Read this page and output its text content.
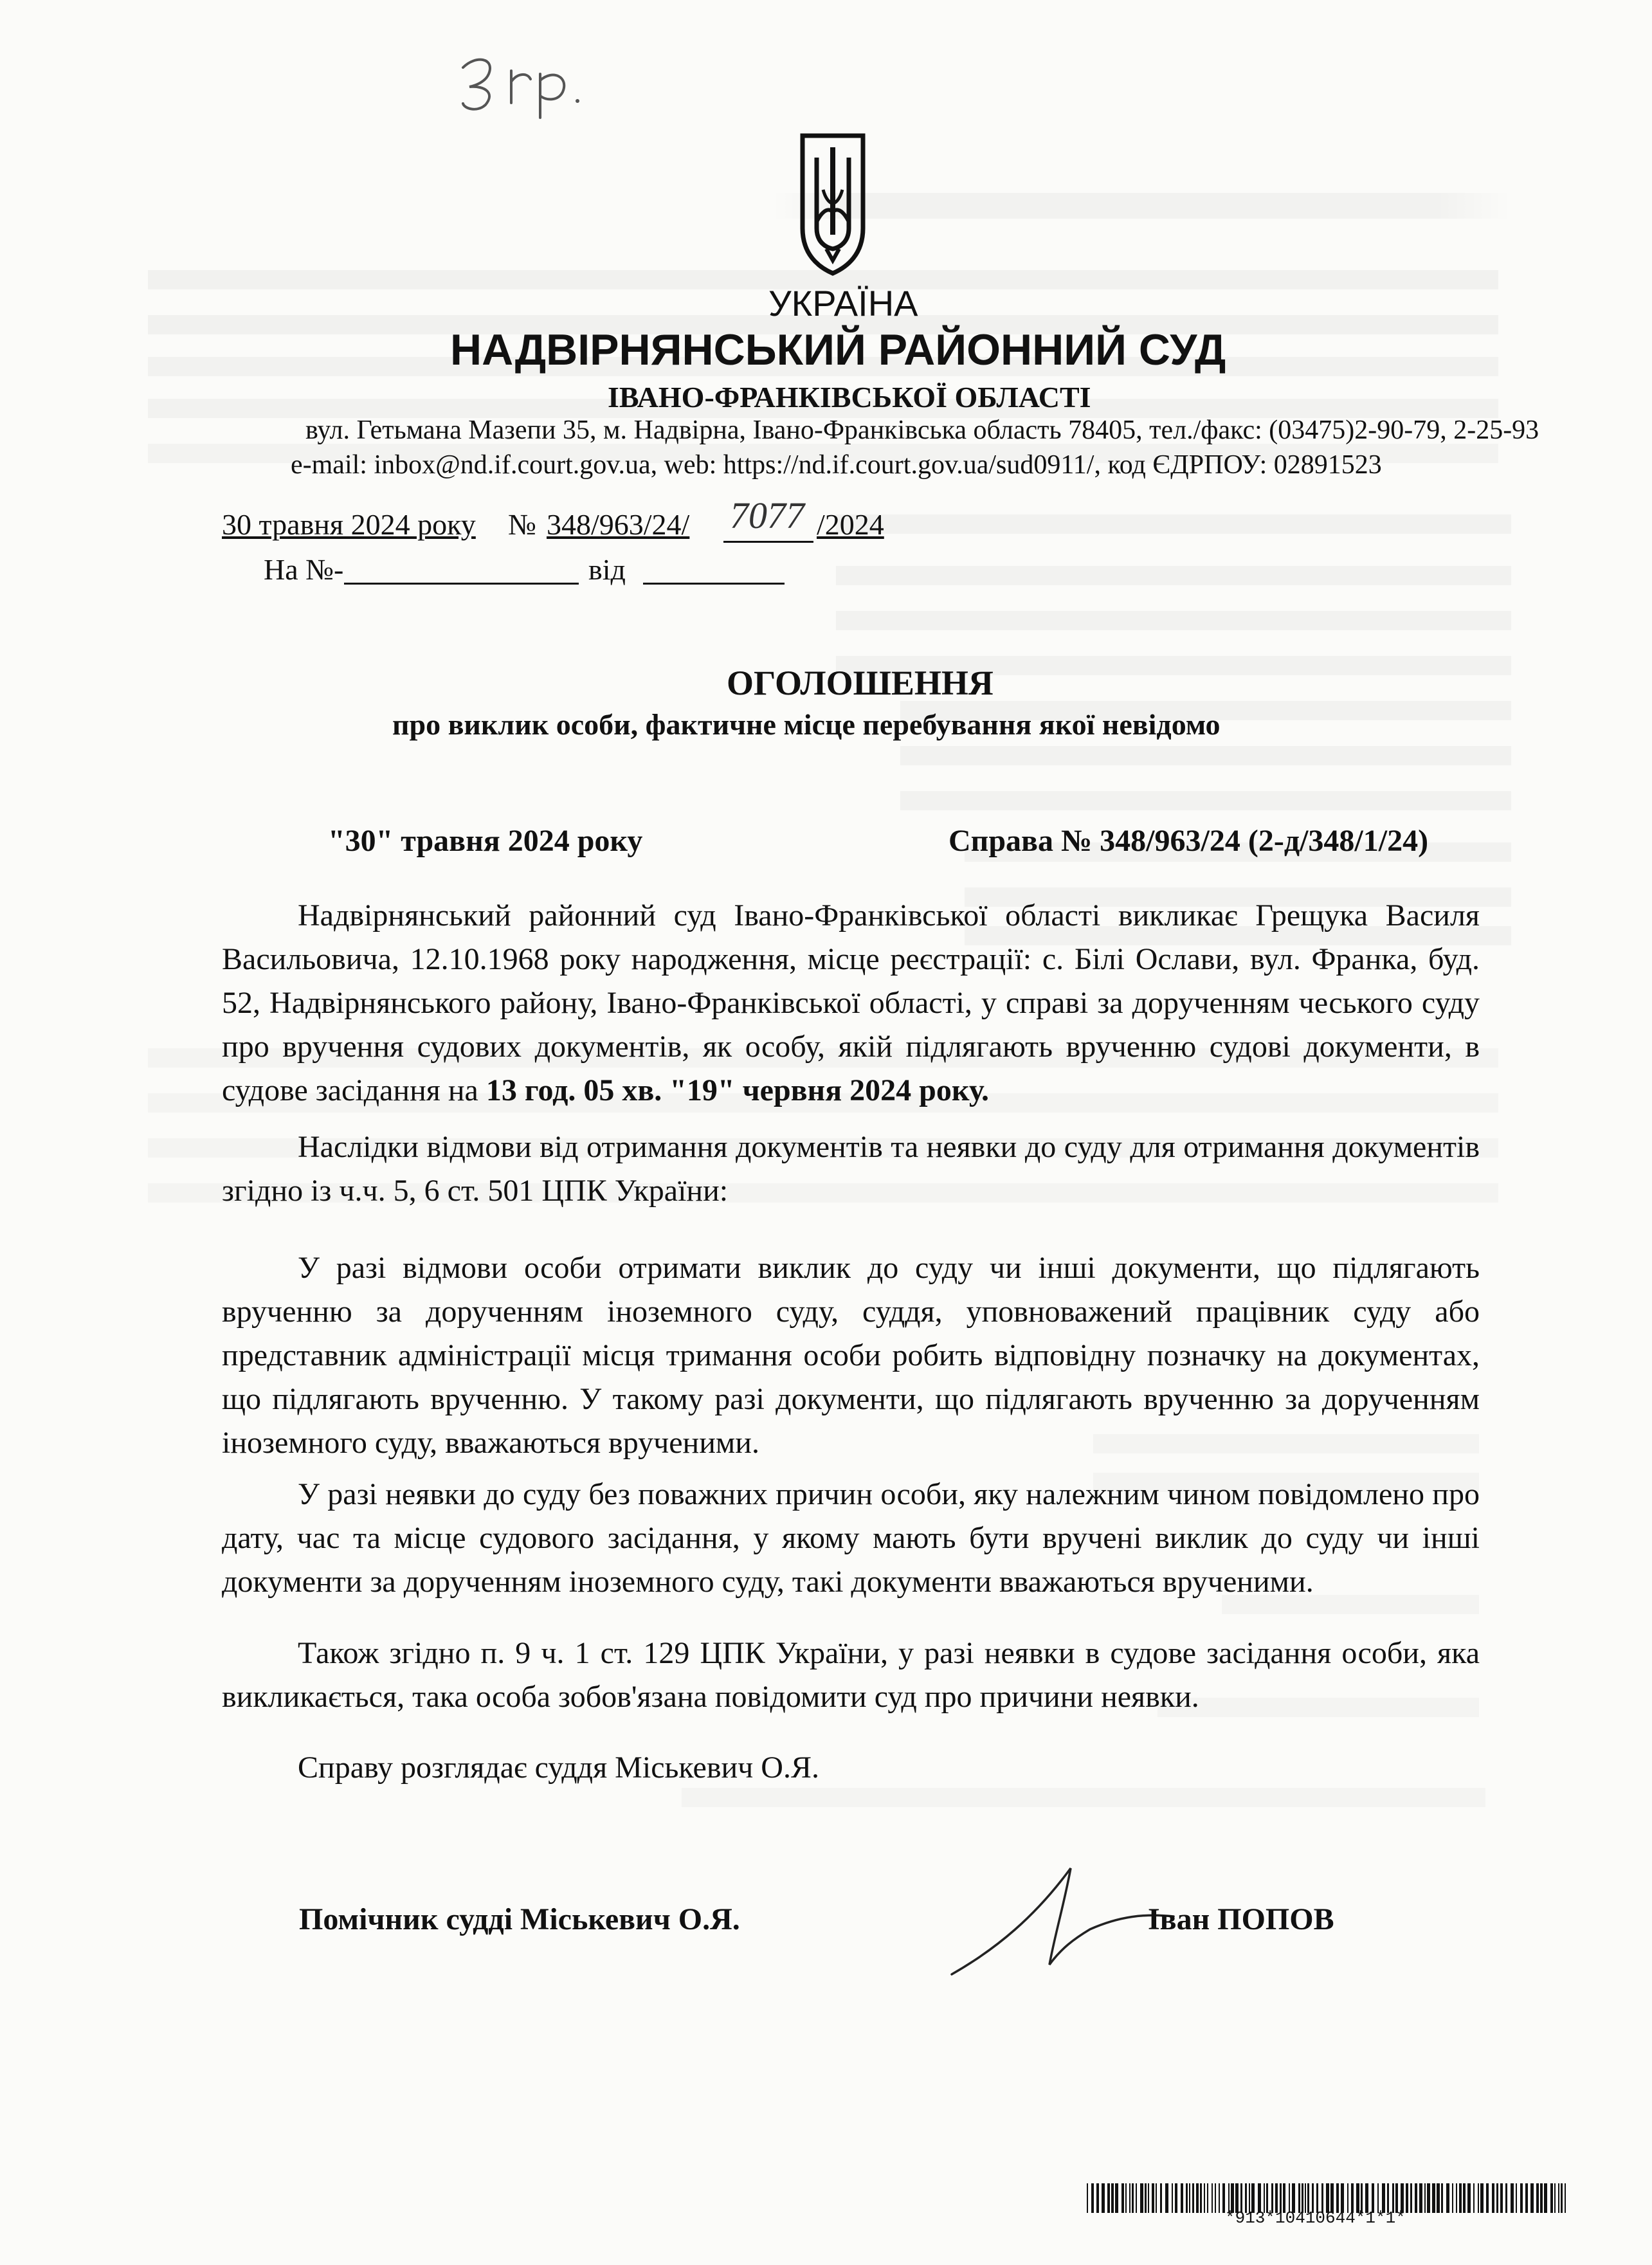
УКРАЇНА
НАДВІРНЯНСЬКИЙ РАЙОННИЙ СУД
ІВАНО-ФРАНКІВСЬКОЇ ОБЛАСТІ
вул. Гетьмана Мазепи 35, м. Надвірна, Івано-Франківська область 78405, тел./факс: (03475)2-90-79, 2-25-93
e-mail: inbox@nd.if.court.gov.ua, web: https://nd.if.court.gov.ua/sud0911/, код ЄДРПОУ: 02891523
30 травня 2024 року № 348/963/24/ 7077 /2024
На №-	від
ОГОЛОШЕННЯ
про виклик особи, фактичне місце перебування якої невідомо
"30" травня 2024 року	Справа № 348/963/24 (2-д/348/1/24)
Надвірнянський районний суд Івано-Франківської області викликає Грещука Василя Васильовича, 12.10.1968 року народження, місце реєстрації: с. Білі Ослави, вул. Франка, буд. 52, Надвірнянського району, Івано-Франківської області, у справі за дорученням чеського суду про вручення судових документів, як особу, якій підлягають врученню судові документи, в судове засідання на 13 год. 05 хв. "19" червня 2024 року.
Наслідки відмови від отримання документів та неявки до суду для отримання документів згідно із ч.ч. 5, 6 ст. 501 ЦПК України:
У разі відмови особи отримати виклик до суду чи інші документи, що підлягають врученню за дорученням іноземного суду, суддя, уповноважений працівник суду або представник адміністрації місця тримання особи робить відповідну позначку на документах, що підлягають врученню. У такому разі документи, що підлягають врученню за дорученням іноземного суду, вважаються врученими.
У разі неявки до суду без поважних причин особи, яку належним чином повідомлено про дату, час та місце судового засідання, у якому мають бути вручені виклик до суду чи інші документи за дорученням іноземного суду, такі документи вважаються врученими.
Також згідно п. 9 ч. 1 ст. 129 ЦПК України, у разі неявки в судове засідання особи, яка викликається, така особа зобов'язана повідомити суд про причини неявки.
Справу розглядає суддя Міськевич О.Я.
Помічник судді Міськевич О.Я.	Іван ПОПОВ
*913*10410644*1*1*
